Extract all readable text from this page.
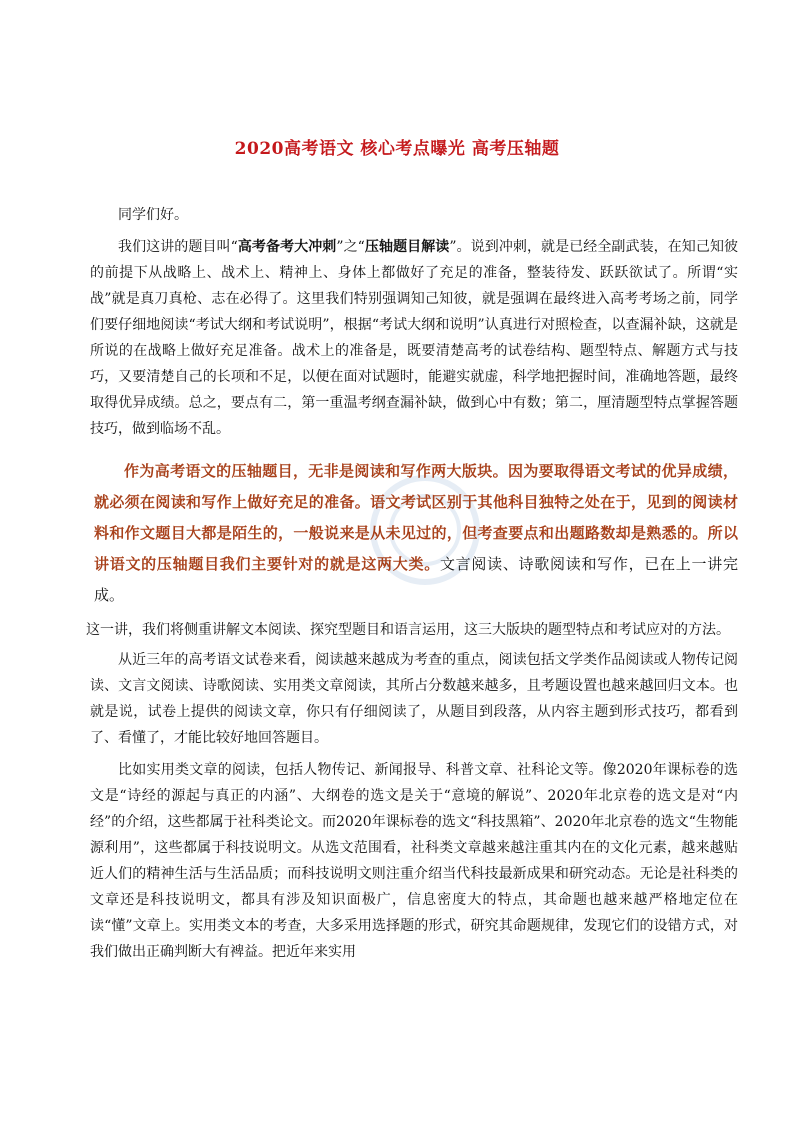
2020高考语文 核心考点曝光 高考压轴题

同学们好。

我们这讲的题目叫“高考备考大冲刺”之“压轴题目解读”。说到冲刺，就是已经全副武装，在知己知彼的前提下从战略上、战术上、精神上、身体上都做好了充足的准备，整装待发、跃跃欲试了。所谓“实战”就是真刀真枪、志在必得了。这里我们特别强调知己知彼，就是强调在最终进入高考考场之前，同学们要仔细地阅读“考试大纲和考试说明”，根据“考试大纲和说明”认真进行对照检查，以查漏补缺，这就是所说的在战略上做好充足准备。战术上的准备是，既要清楚高考的试卷结构、题型特点、解题方式与技巧，又要清楚自己的长项和不足，以便在面对试题时，能避实就虚，科学地把握时间，准确地答题，最终取得优异成绩。总之，要点有二，第一重温考纲查漏补缺，做到心中有数；第二，厘清题型特点掌握答题技巧，做到临场不乱。

作为高考语文的压轴题目，无非是阅读和写作两大版块。因为要取得语文考试的优异成绩，就必须在阅读和写作上做好充足的准备。语文考试区别于其他科目独特之处在于，见到的阅读材料和作文题目大都是陌生的，一般说来是从未见过的，但考查要点和出题路数却是熟悉的。所以讲语文的压轴题目我们主要针对的就是这两大类。文言阅读、诗歌阅读和写作，已在上一讲完成。

这一讲，我们将侧重讲解文本阅读、探究型题目和语言运用，这三大版块的题型特点和考试应对的方法。

从近三年的高考语文试卷来看，阅读越来越成为考查的重点，阅读包括文学类作品阅读或人物传记阅读、文言文阅读、诗歌阅读、实用类文章阅读，其所占分数越来越多，且考题设置也越来越回归文本。也就是说，试卷上提供的阅读文章，你只有仔细阅读了，从题目到段落，从内容主题到形式技巧，都看到了、看懂了，才能比较好地回答题目。

比如实用类文章的阅读，包括人物传记、新闻报导、科普文章、社科论文等。像2020年课标卷的选文是“诗经的源起与真正的内涵”、大纲卷的选文是关于“意境的解说”、2020年北京卷的选文是对“内经”的介绍，这些都属于社科类论文。而2020年课标卷的选文“科技黑箱”、2020年北京卷的选文“生物能源利用”，这些都属于科技说明文。从选文范围看，社科类文章越来越注重其内在的文化元素，越来越贴近人们的精神生活与生活品质；而科技说明文则注重介绍当代科技最新成果和研究动态。无论是社科类的文章还是科技说明文，都具有涉及知识面极广，信息密度大的特点，其命题也越来越严格地定位在读“懂”文章上。实用类文本的考查，大多采用选择题的形式，研究其命题规律，发现它们的设错方式，对我们做出正确判断大有裨益。把近年来实用
